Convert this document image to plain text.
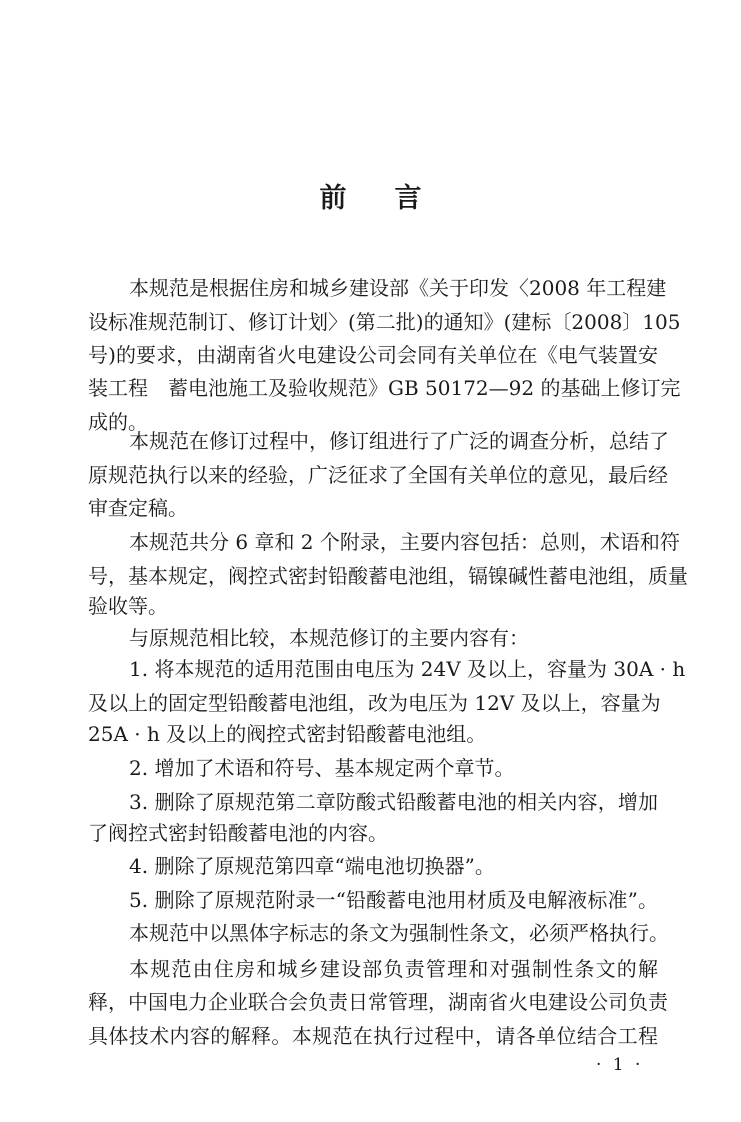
前言
本规范是根据住房和城乡建设部《关于印发〈2008 年工程建
设标准规范制订、修订计划〉(第二批)的通知》(建标〔2008〕105
号)的要求，由湖南省火电建设公司会同有关单位在《电气装置安
装工程　蓄电池施工及验收规范》GB 50172—92 的基础上修订完
成的。
本规范在修订过程中，修订组进行了广泛的调查分析，总结了
原规范执行以来的经验，广泛征求了全国有关单位的意见，最后经
审查定稿。
本规范共分 6 章和 2 个附录，主要内容包括：总则，术语和符
号，基本规定，阀控式密封铅酸蓄电池组，镉镍碱性蓄电池组，质量
验收等。
与原规范相比较，本规范修订的主要内容有：
1. 将本规范的适用范围由电压为 24V 及以上，容量为 30A · h
及以上的固定型铅酸蓄电池组，改为电压为 12V 及以上，容量为
25A · h 及以上的阀控式密封铅酸蓄电池组。
2. 增加了术语和符号、基本规定两个章节。
3. 删除了原规范第二章防酸式铅酸蓄电池的相关内容，增加
了阀控式密封铅酸蓄电池的内容。
4. 删除了原规范第四章“端电池切换器”。
5. 删除了原规范附录一“铅酸蓄电池用材质及电解液标准”。
本规范中以黑体字标志的条文为强制性条文，必须严格执行。
本规范由住房和城乡建设部负责管理和对强制性条文的解
释，中国电力企业联合会负责日常管理，湖南省火电建设公司负责
具体技术内容的解释。本规范在执行过程中，请各单位结合工程
· 1 ·
